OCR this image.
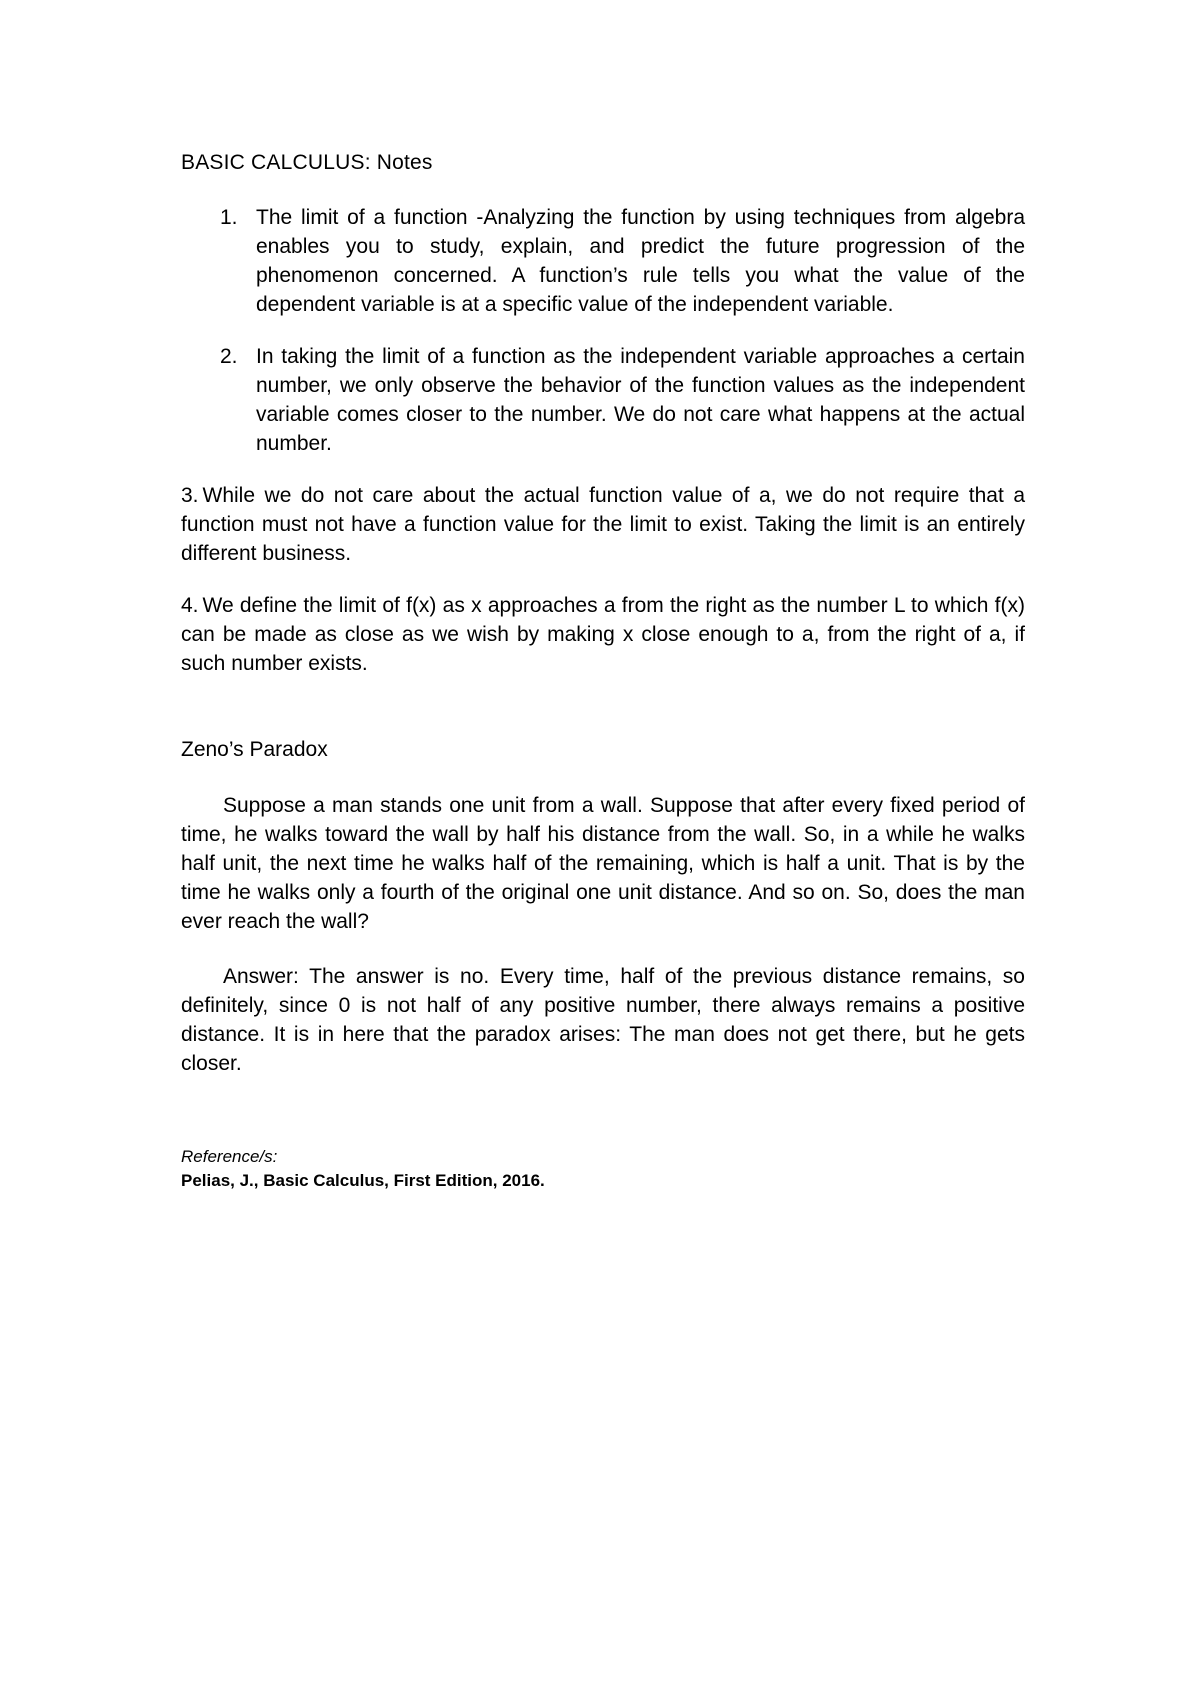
BASIC CALCULUS: Notes
1. The limit of a function -Analyzing the function by using techniques from algebra enables you to study, explain, and predict the future progression of the phenomenon concerned. A function’s rule tells you what the value of the dependent variable is at a specific value of the independent variable.
2. In taking the limit of a function as the independent variable approaches a certain number, we only observe the behavior of the function values as the independent variable comes closer to the number. We do not care what happens at the actual number.

3. While we do not care about the actual function value of a, we do not require that a function must not have a function value for the limit to exist. Taking the limit is an entirely different business.

4. We define the limit of f(x) as x approaches a from the right as the number L to which f(x) can be made as close as we wish by making x close enough to a, from the right of a, if such number exists.

Zeno’s Paradox

Suppose a man stands one unit from a wall. Suppose that after every fixed period of time, he walks toward the wall by half his distance from the wall. So, in a while he walks half unit, the next time he walks half of the remaining, which is half a unit. That is by the time he walks only a fourth of the original one unit distance. And so on. So, does the man ever reach the wall?

Answer: The answer is no. Every time, half of the previous distance remains, so definitely, since 0 is not half of any positive number, there always remains a positive distance. It is in here that the paradox arises: The man does not get there, but he gets closer.

Reference/s:
Pelias, J., Basic Calculus, First Edition, 2016.
